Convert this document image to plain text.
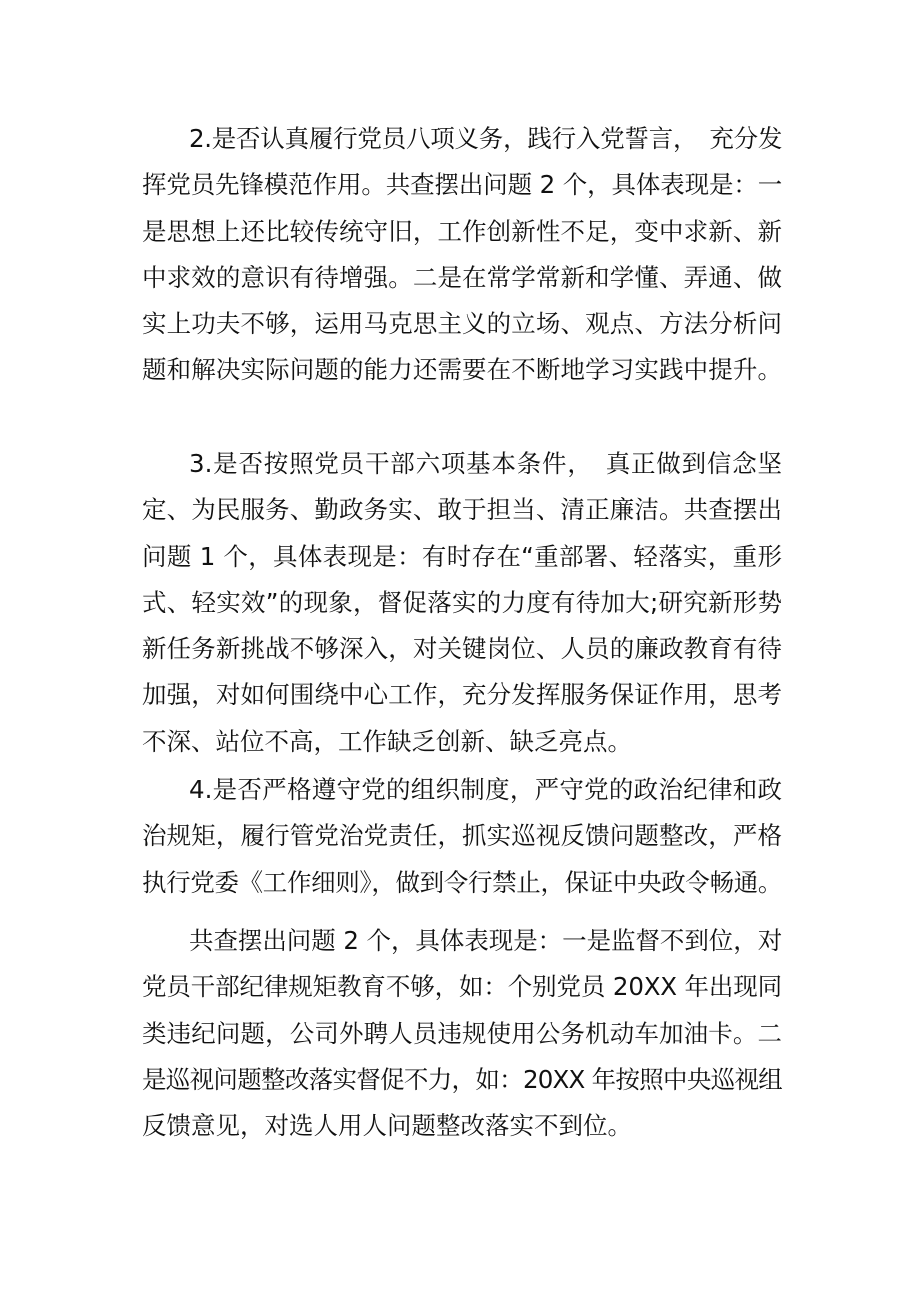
2.是否认真履行党员八项义务，践行入党誓言，　充分发
挥党员先锋模范作用。共查摆出问题 2 个，具体表现是：一
是思想上还比较传统守旧，工作创新性不足，变中求新、新
中求效的意识有待增强。二是在常学常新和学懂、弄通、做
实上功夫不够，运用马克思主义的立场、观点、方法分析问
题和解决实际问题的能力还需要在不断地学习实践中提升。
3.是否按照党员干部六项基本条件，　真正做到信念坚
定、为民服务、勤政务实、敢于担当、清正廉洁。共查摆出
问题 1 个，具体表现是：有时存在“重部署、轻落实，重形
式、轻实效”的现象，督促落实的力度有待加大;研究新形势
新任务新挑战不够深入，对关键岗位、人员的廉政教育有待
加强，对如何围绕中心工作，充分发挥服务保证作用，思考
不深、站位不高，工作缺乏创新、缺乏亮点。
4.是否严格遵守党的组织制度，严守党的政治纪律和政
治规矩，履行管党治党责任，抓实巡视反馈问题整改，严格
执行党委《工作细则》，做到令行禁止，保证中央政令畅通。
共查摆出问题 2 个，具体表现是：一是监督不到位，对
党员干部纪律规矩教育不够，如：个别党员 20XX 年出现同
类违纪问题，公司外聘人员违规使用公务机动车加油卡。二
是巡视问题整改落实督促不力，如：20XX 年按照中央巡视组
反馈意见，对选人用人问题整改落实不到位。
